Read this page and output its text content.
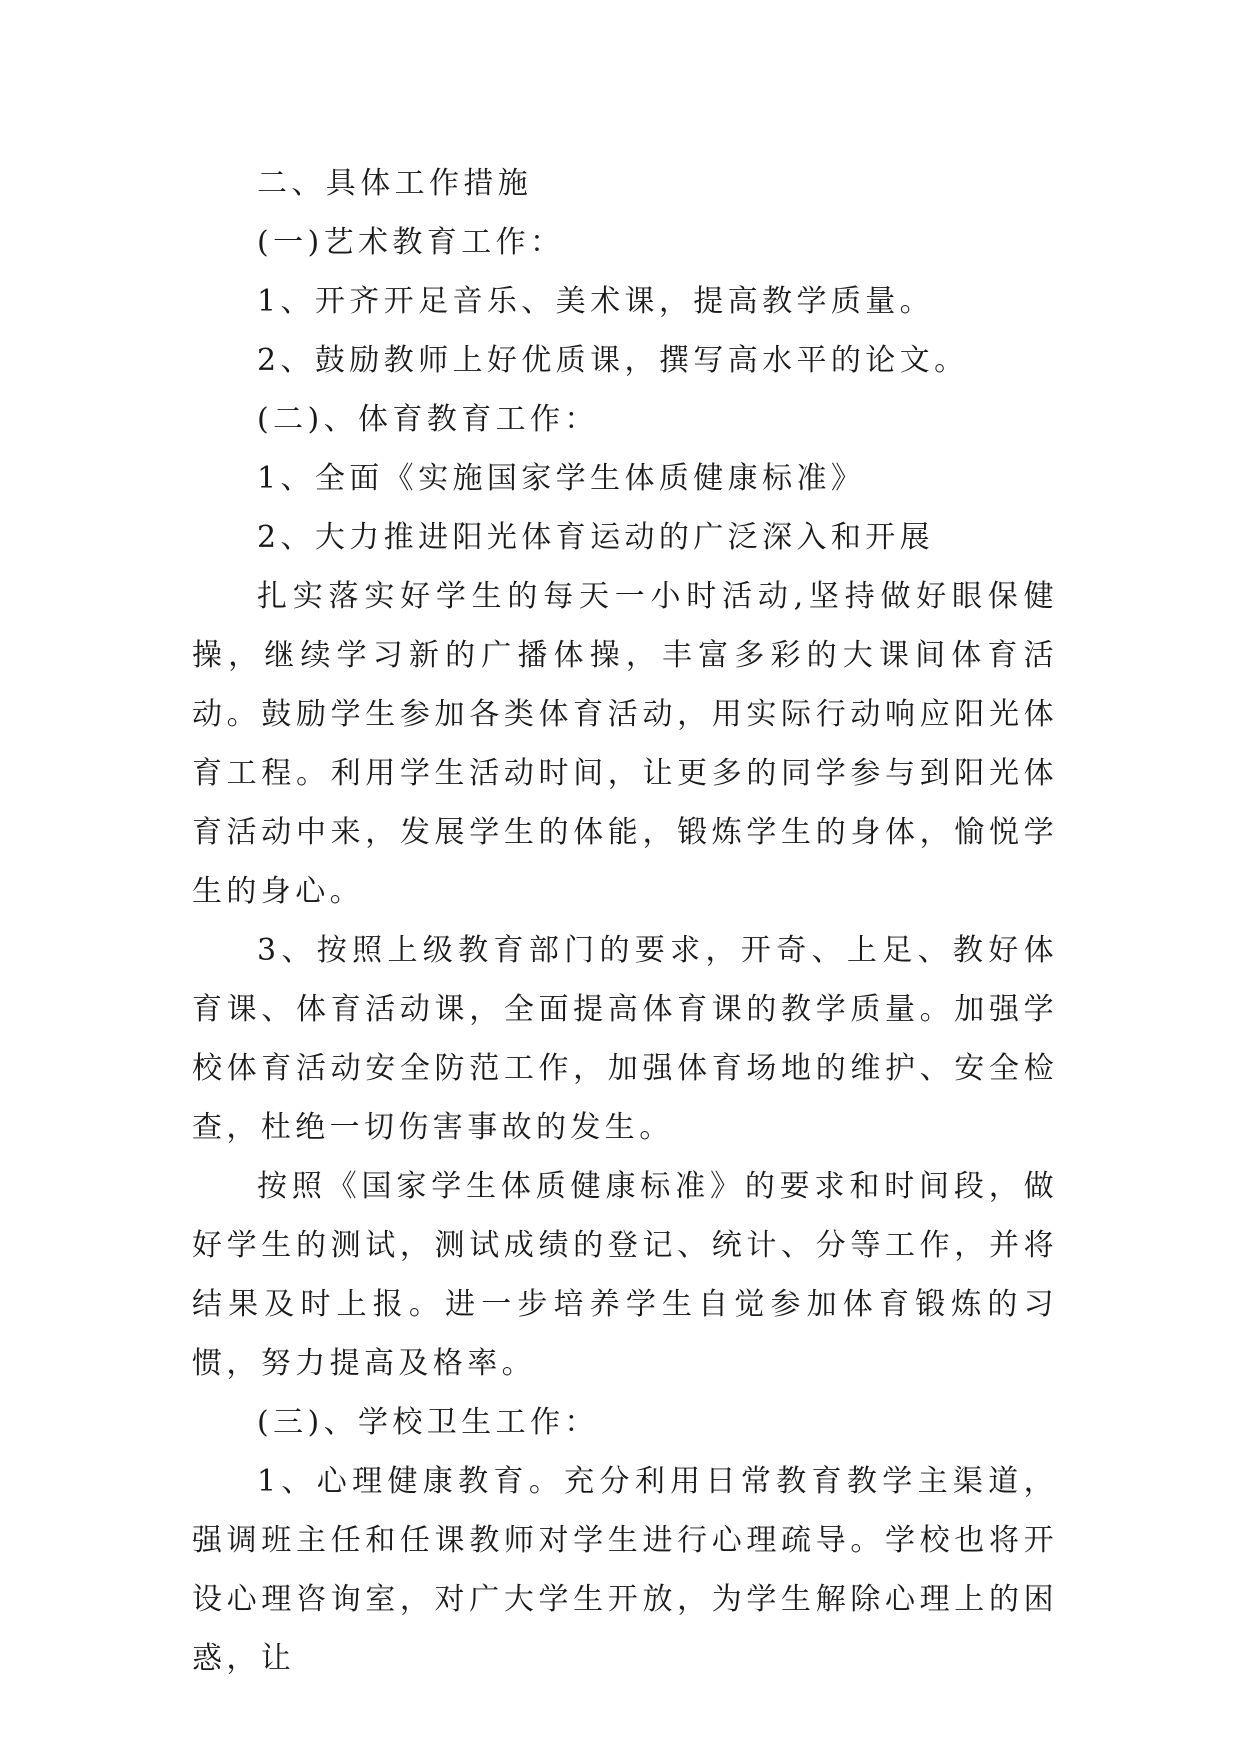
二、具体工作措施

(一)艺术教育工作：

1、开齐开足音乐、美术课，提高教学质量。

2、鼓励教师上好优质课，撰写高水平的论文。

(二)、体育教育工作：

1、全面《实施国家学生体质健康标准》

2、大力推进阳光体育运动的广泛深入和开展

扎实落实好学生的每天一小时活动,坚持做好眼保健操，继续学习新的广播体操，丰富多彩的大课间体育活动。鼓励学生参加各类体育活动，用实际行动响应阳光体育工程。利用学生活动时间，让更多的同学参与到阳光体育活动中来，发展学生的体能，锻炼学生的身体，愉悦学生的身心。

3、按照上级教育部门的要求，开奇、上足、教好体育课、体育活动课，全面提高体育课的教学质量。加强学校体育活动安全防范工作，加强体育场地的维护、安全检查，杜绝一切伤害事故的发生。

按照《国家学生体质健康标准》的要求和时间段，做好学生的测试，测试成绩的登记、统计、分等工作，并将结果及时上报。进一步培养学生自觉参加体育锻炼的习惯，努力提高及格率。

(三)、学校卫生工作：

1、心理健康教育。充分利用日常教育教学主渠道，强调班主任和任课教师对学生进行心理疏导。学校也将开设心理咨询室，对广大学生开放，为学生解除心理上的困惑，让
